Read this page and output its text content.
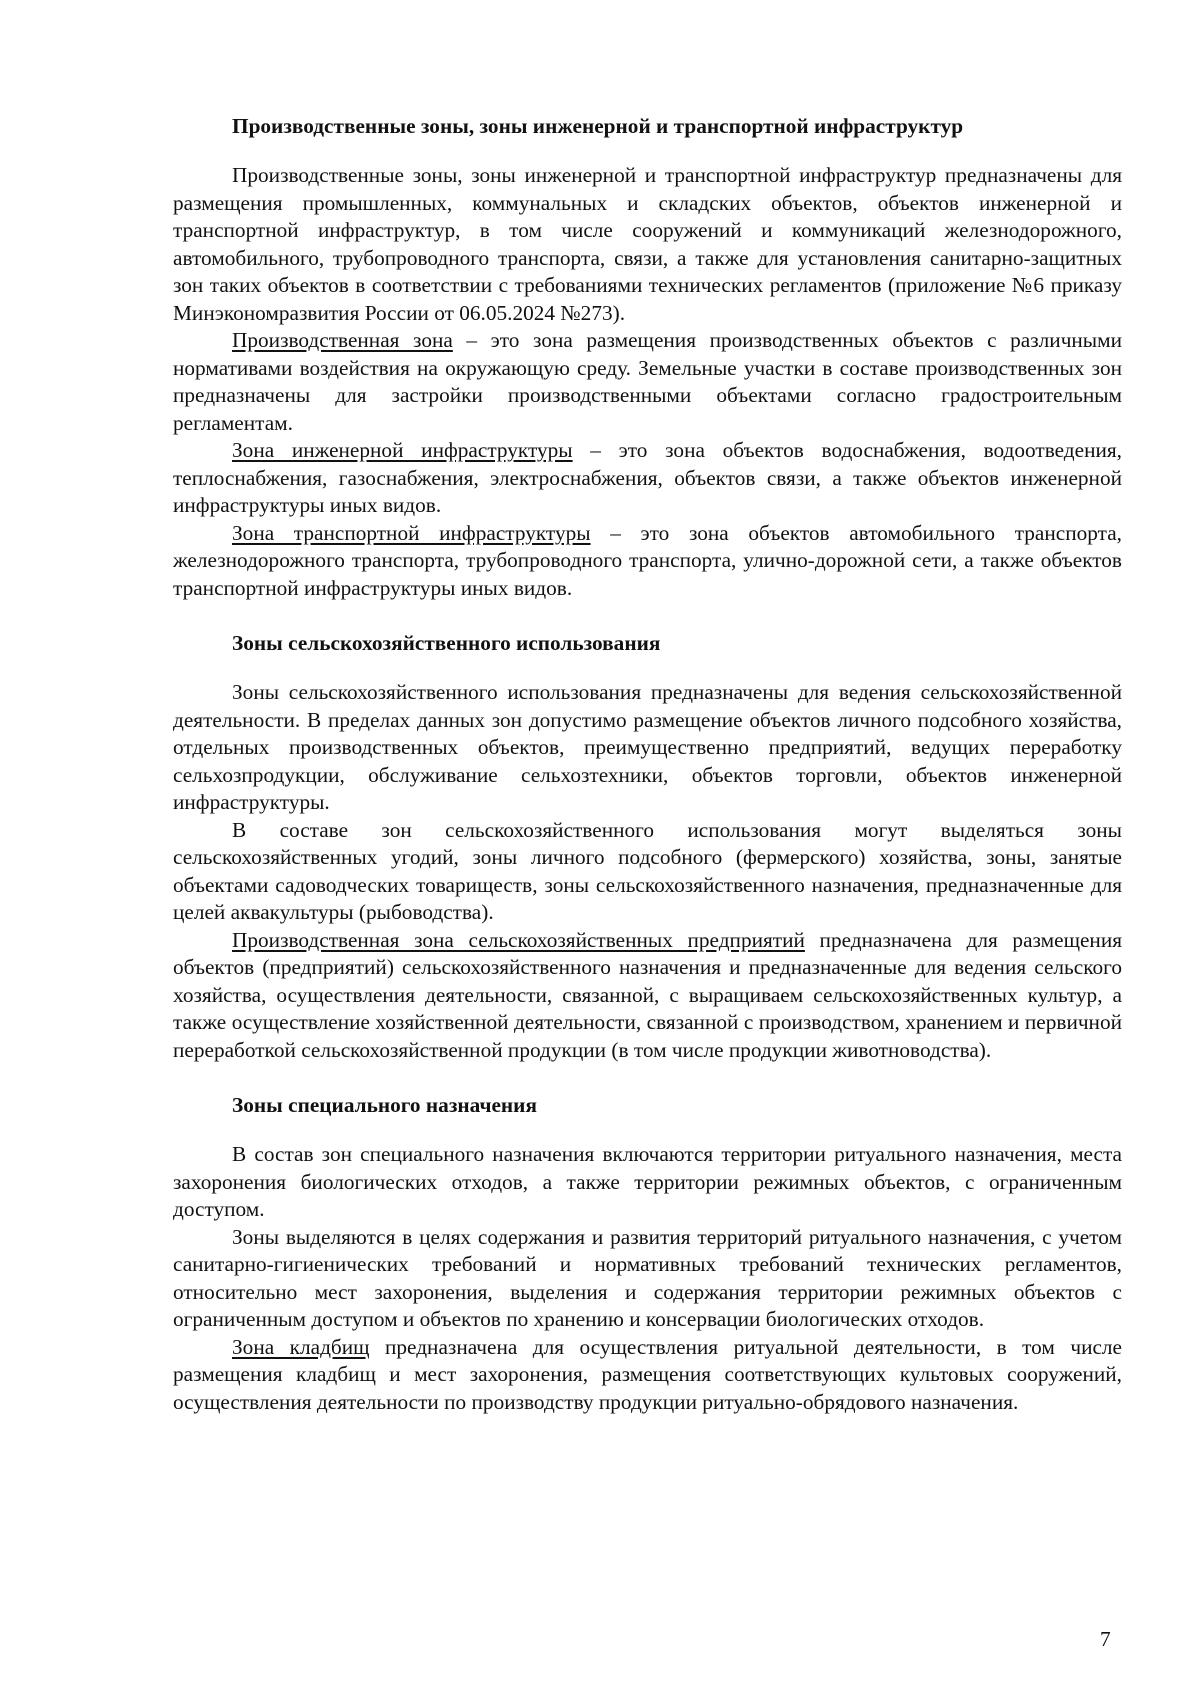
Производственные зоны, зоны инженерной и транспортной инфраструктур

Производственные зоны, зоны инженерной и транспортной инфраструктур предназначены для размещения промышленных, коммунальных и складских объектов, объектов инженерной и транспортной инфраструктур, в том числе сооружений и коммуникаций железнодорожного, автомобильного, трубопроводного транспорта, связи, а также для установления санитарно-защитных зон таких объектов в соответствии с требованиями технических регламентов (приложение №6 приказу Минэкономразвития России от 06.05.2024 №273).

Производственная зона – это зона размещения производственных объектов с различными нормативами воздействия на окружающую среду. Земельные участки в составе производственных зон предназначены для застройки производственными объектами согласно градостроительным регламентам.

Зона инженерной инфраструктуры – это зона объектов водоснабжения, водоотведения, теплоснабжения, газоснабжения, электроснабжения, объектов связи, а также объектов инженерной инфраструктуры иных видов.

Зона транспортной инфраструктуры – это зона объектов автомобильного транспорта, железнодорожного транспорта, трубопроводного транспорта, улично-дорожной сети, а также объектов транспортной инфраструктуры иных видов.

Зоны сельскохозяйственного использования

Зоны сельскохозяйственного использования предназначены для ведения сельскохозяйственной деятельности. В пределах данных зон допустимо размещение объектов личного подсобного хозяйства, отдельных производственных объектов, преимущественно предприятий, ведущих переработку сельхозпродукции, обслуживание сельхозтехники, объектов торговли, объектов инженерной инфраструктуры.

В составе зон сельскохозяйственного использования могут выделяться зоны сельскохозяйственных угодий, зоны личного подсобного (фермерского) хозяйства, зоны, занятые объектами садоводческих товариществ, зоны сельскохозяйственного назначения, предназначенные для целей аквакультуры (рыбоводства).

Производственная зона сельскохозяйственных предприятий предназначена для размещения объектов (предприятий) сельскохозяйственного назначения и предназначенные для ведения сельского хозяйства, осуществления деятельности, связанной, с выращиваем сельскохозяйственных культур, а также осуществление хозяйственной деятельности, связанной с производством, хранением и первичной переработкой сельскохозяйственной продукции (в том числе продукции животноводства).

Зоны специального назначения

В состав зон специального назначения включаются территории ритуального назначения, места захоронения биологических отходов, а также территории режимных объектов, с ограниченным доступом.

Зоны выделяются в целях содержания и развития территорий ритуального назначения, с учетом санитарно-гигиенических требований и нормативных требований технических регламентов, относительно мест захоронения, выделения и содержания территории режимных объектов с ограниченным доступом и объектов по хранению и консервации биологических отходов.

Зона кладбищ предназначена для осуществления ритуальной деятельности, в том числе размещения кладбищ и мест захоронения, размещения соответствующих культовых сооружений, осуществления деятельности по производству продукции ритуально-обрядового назначения.

7
